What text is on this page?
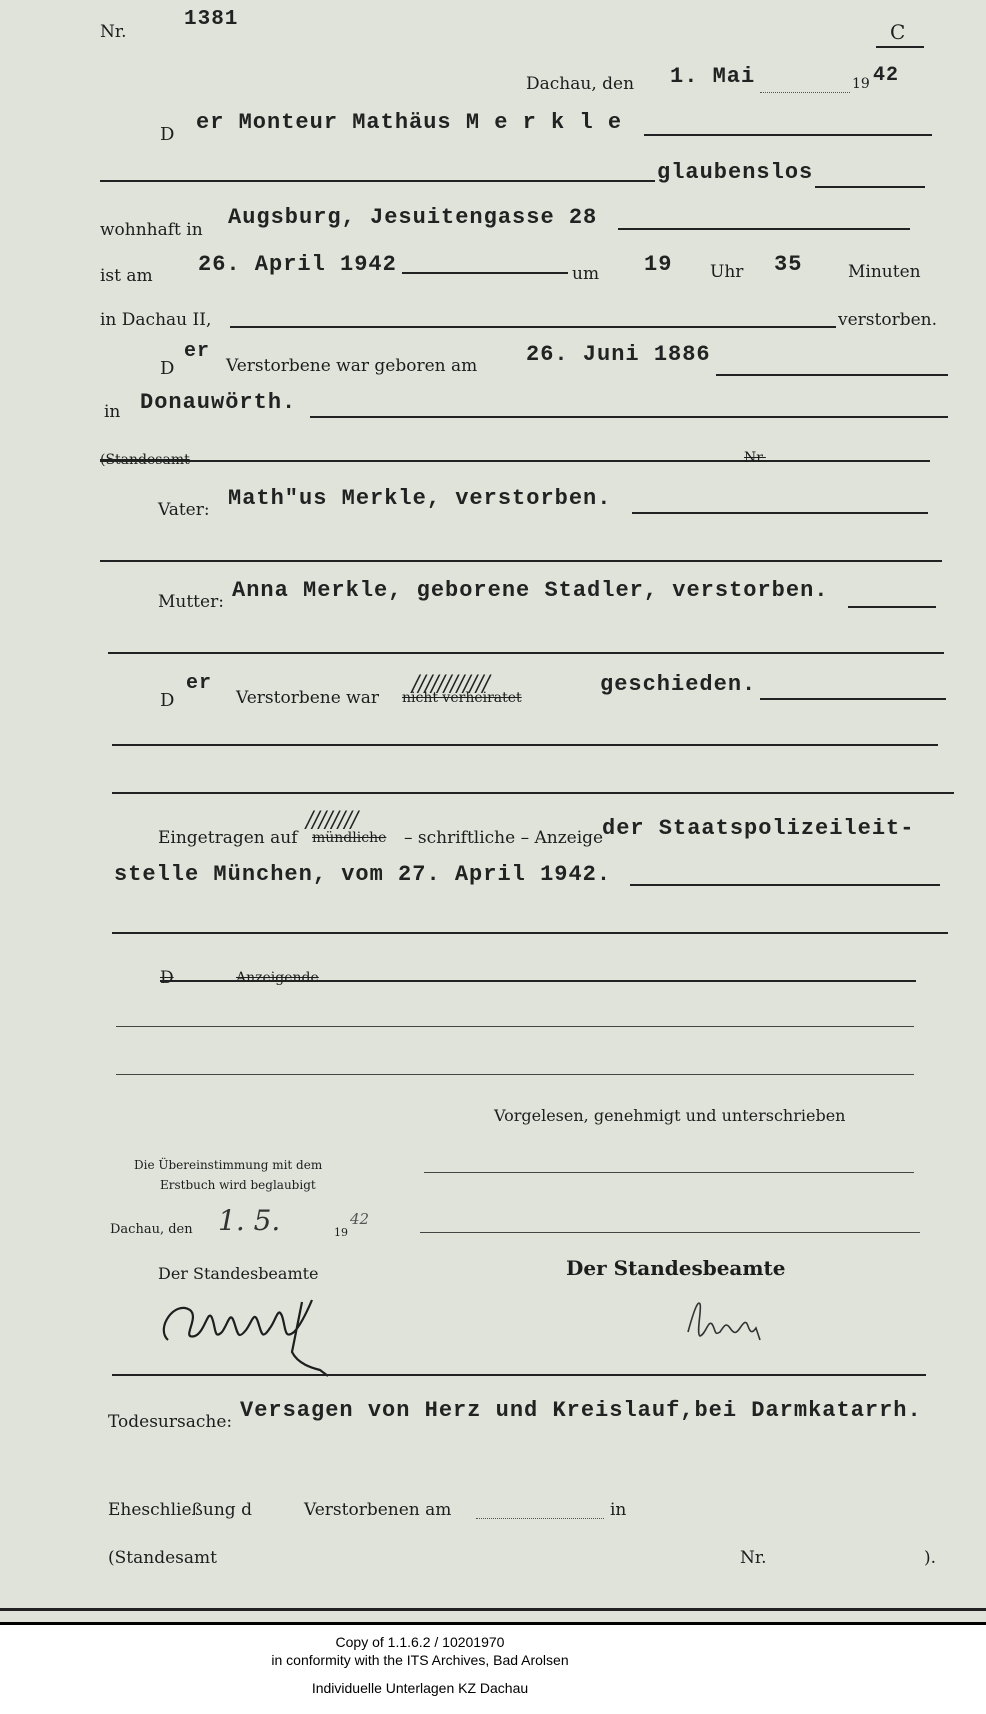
Nr.
1381
C
Dachau, den 1. Mai	19 42
D er Monteur Mathäus M e r k l e
glaubenslos
wohnhaft in Augsburg, Jesuitengasse 28
ist am 26. April 1942	um 19 Uhr 35	Minuten
in Dachau II,	verstorben.
D
er
Verstorbene war geboren am 26. Juni 1886
in Donauwörth.
(Standesamt	Nr.
Vater: Math"us Merkle, verstorben.
Mutter: Anna Merkle, geborene Stadler, verstorben.
D
er
Verstorbene war nicht verheiratet
////////////	geschieden.
Eingetragen auf mündliche
////////
– schriftliche – Anzeige
der Staatspolizeileit-
stelle München, vom 27. April 1942.
D	Anzeigende
Vorgelesen, genehmigt und unterschrieben
Die Übereinstimmung mit dem
Erstbuch wird beglaubigt
Dachau, den 1. 5.	19
42
Der Standesbeamte	Der Standesbeamte
Todesursache: Versagen von Herz und Kreislauf,bei Darmkatarrh.
Eheschließung d	Verstorbenen am	in
(Standesamt	Nr.	).
Copy of 1.1.6.2 / 10201970
in conformity with the ITS Archives, Bad Arolsen
Individuelle Unterlagen KZ Dachau
